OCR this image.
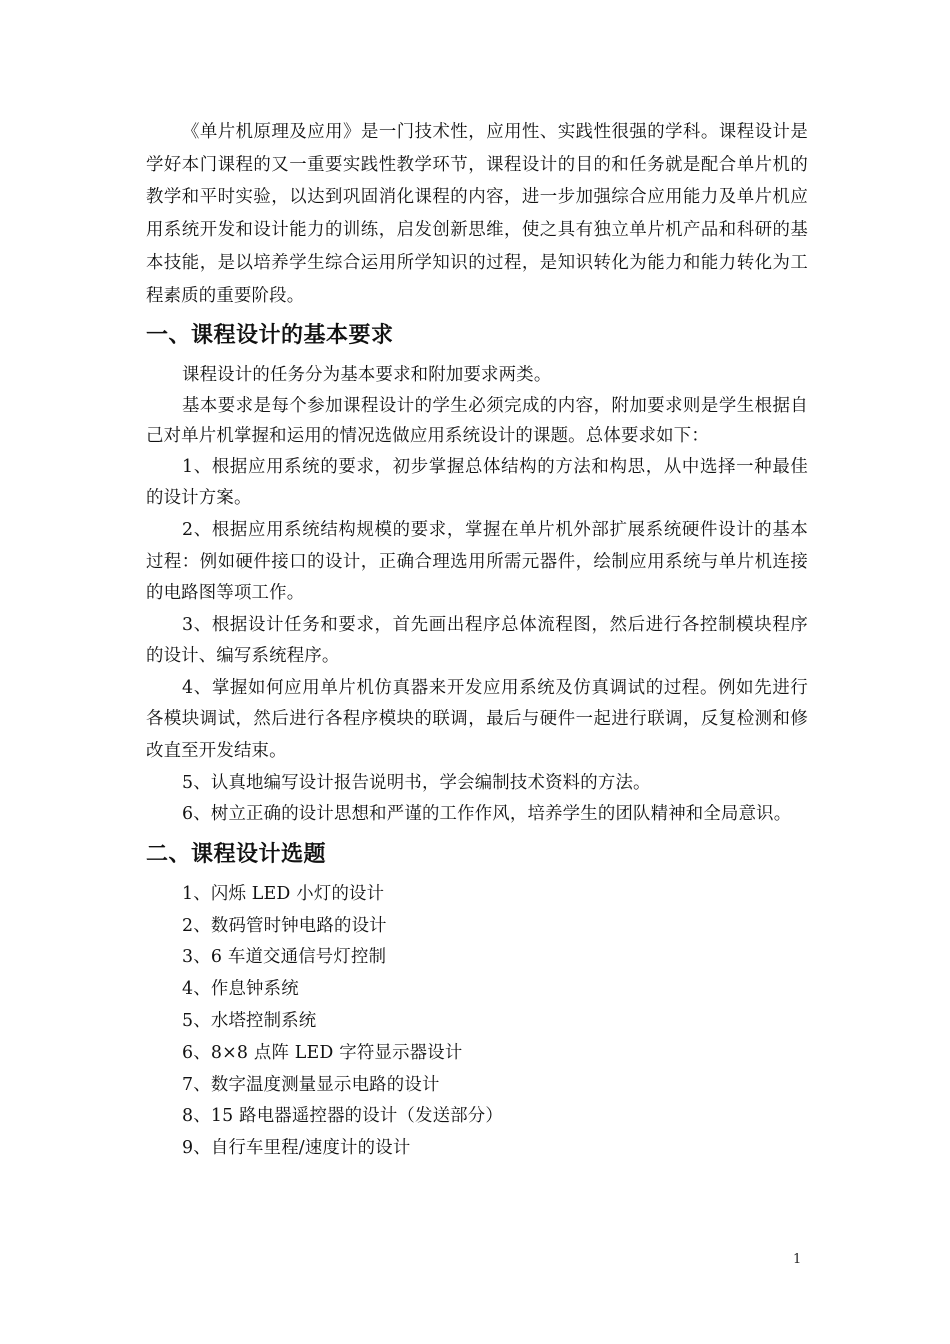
《单片机原理及应用》是一门技术性，应用性、实践性很强的学科。课程设计是学好本门课程的又一重要实践性教学环节，课程设计的目的和任务就是配合单片机的教学和平时实验，以达到巩固消化课程的内容，进一步加强综合应用能力及单片机应用系统开发和设计能力的训练，启发创新思维，使之具有独立单片机产品和科研的基本技能，是以培养学生综合运用所学知识的过程，是知识转化为能力和能力转化为工程素质的重要阶段。

一、课程设计的基本要求

课程设计的任务分为基本要求和附加要求两类。

基本要求是每个参加课程设计的学生必须完成的内容，附加要求则是学生根据自己对单片机掌握和运用的情况选做应用系统设计的课题。总体要求如下：

1、根据应用系统的要求，初步掌握总体结构的方法和构思，从中选择一种最佳的设计方案。

2、根据应用系统结构规模的要求，掌握在单片机外部扩展系统硬件设计的基本过程：例如硬件接口的设计，正确合理选用所需元器件，绘制应用系统与单片机连接的电路图等项工作。

3、根据设计任务和要求，首先画出程序总体流程图，然后进行各控制模块程序的设计、编写系统程序。

4、掌握如何应用单片机仿真器来开发应用系统及仿真调试的过程。例如先进行各模块调试，然后进行各程序模块的联调，最后与硬件一起进行联调，反复检测和修改直至开发结束。

5、认真地编写设计报告说明书，学会编制技术资料的方法。

6、树立正确的设计思想和严谨的工作作风，培养学生的团队精神和全局意识。

二、课程设计选题
1、闪烁 LED 小灯的设计
2、数码管时钟电路的设计
3、6 车道交通信号灯控制
4、作息钟系统
5、水塔控制系统
6、8×8 点阵 LED 字符显示器设计
7、数字温度测量显示电路的设计
8、15 路电器遥控器的设计（发送部分）
9、自行车里程/速度计的设计
1
